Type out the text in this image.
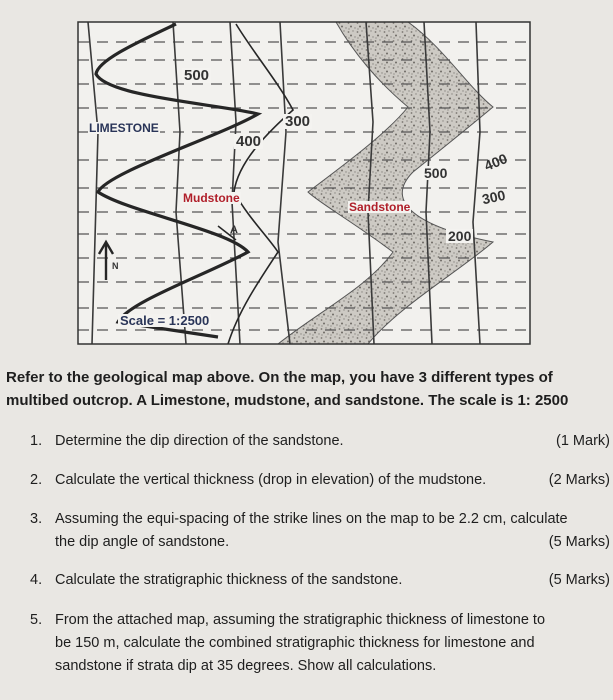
500
300
400
LIMESTONE
Mudstone
A
Sandstone
500 400
300
200
N
Scale = 1:2500

Refer to the geological map above. On the map, you have 3 different types of multibed outcrop. A Limestone, mudstone, and sandstone. The scale is 1: 2500

1. Determine the dip direction of the sandstone.	(1 Mark)
2. Calculate the vertical thickness (drop in elevation) of the mudstone.	(2 Marks)
3. Assuming the equi-spacing of the strike lines on the map to be 2.2 cm, calculate
the dip angle of sandstone.	(5 Marks)
4. Calculate the stratigraphic thickness of the sandstone.	(5 Marks)
5. From the attached map, assuming the stratigraphic thickness of limestone to
be 150 m, calculate the combined stratigraphic thickness for limestone and
sandstone if strata dip at 35 degrees. Show all calculations.
